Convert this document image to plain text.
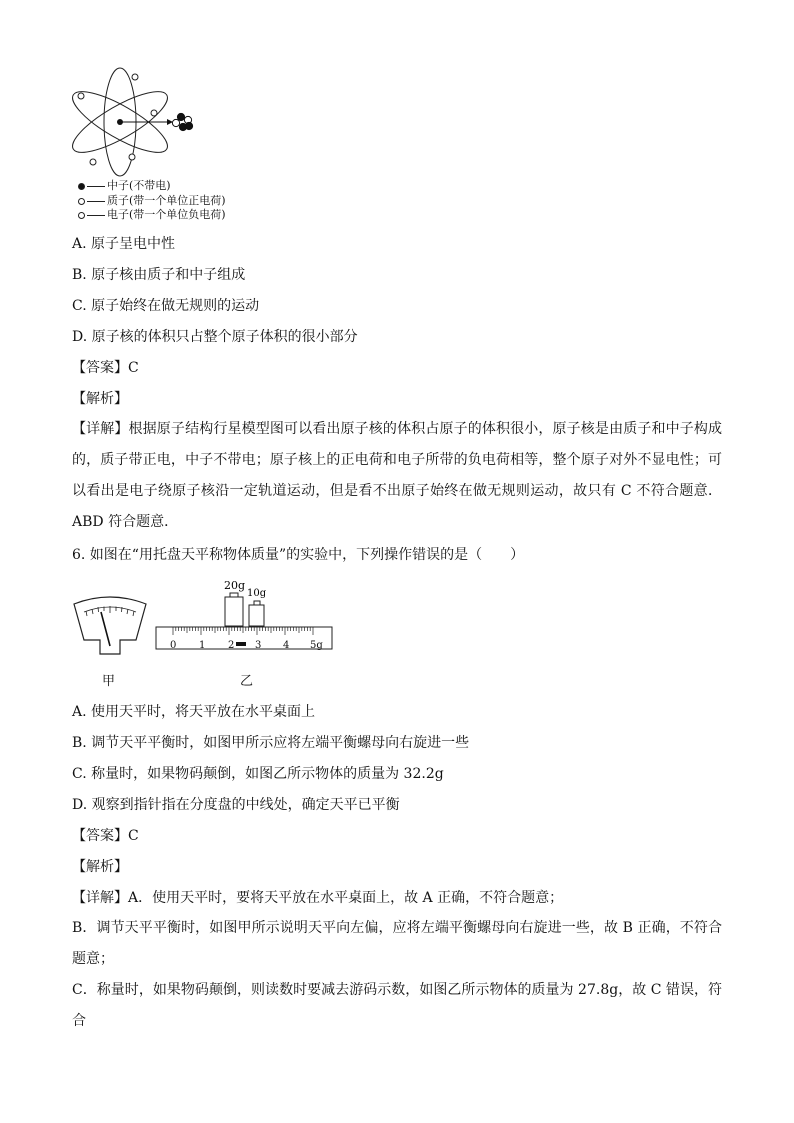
中子(不带电)
质子(带一个单位正电荷)
电子(带一个单位负电荷)
A. 原子呈电中性
B. 原子核由质子和中子组成
C. 原子始终在做无规则的运动
D. 原子核的体积只占整个原子体积的很小部分
【答案】C
【解析】
【详解】根据原子结构行星模型图可以看出原子核的体积占原子的体积很小，原子核是由质子和中子构成的，质子带正电，中子不带电；原子核上的正电荷和电子所带的负电荷相等，整个原子对外不显电性；可以看出是电子绕原子核沿一定轨道运动，但是看不出原子始终在做无规则运动，故只有 C 不符合题意．ABD 符合题意．
6. 如图在“用托盘天平称物体质量”的实验中，下列操作错误的是（　　）
20g
10g
0 1 2 3 4 5g
甲	乙
A. 使用天平时，将天平放在水平桌面上
B. 调节天平平衡时，如图甲所示应将左端平衡螺母向右旋进一些
C. 称量时，如果物码颠倒，如图乙所示物体的质量为 32.2g
D. 观察到指针指在分度盘的中线处，确定天平已平衡
【答案】C
【解析】
【详解】A．使用天平时，要将天平放在水平桌面上，故 A 正确，不符合题意；
B．调节天平平衡时，如图甲所示说明天平向左偏，应将左端平衡螺母向右旋进一些，故 B 正确，不符合题意；
C．称量时，如果物码颠倒，则读数时要减去游码示数，如图乙所示物体的质量为 27.8g，故 C 错误，符合
